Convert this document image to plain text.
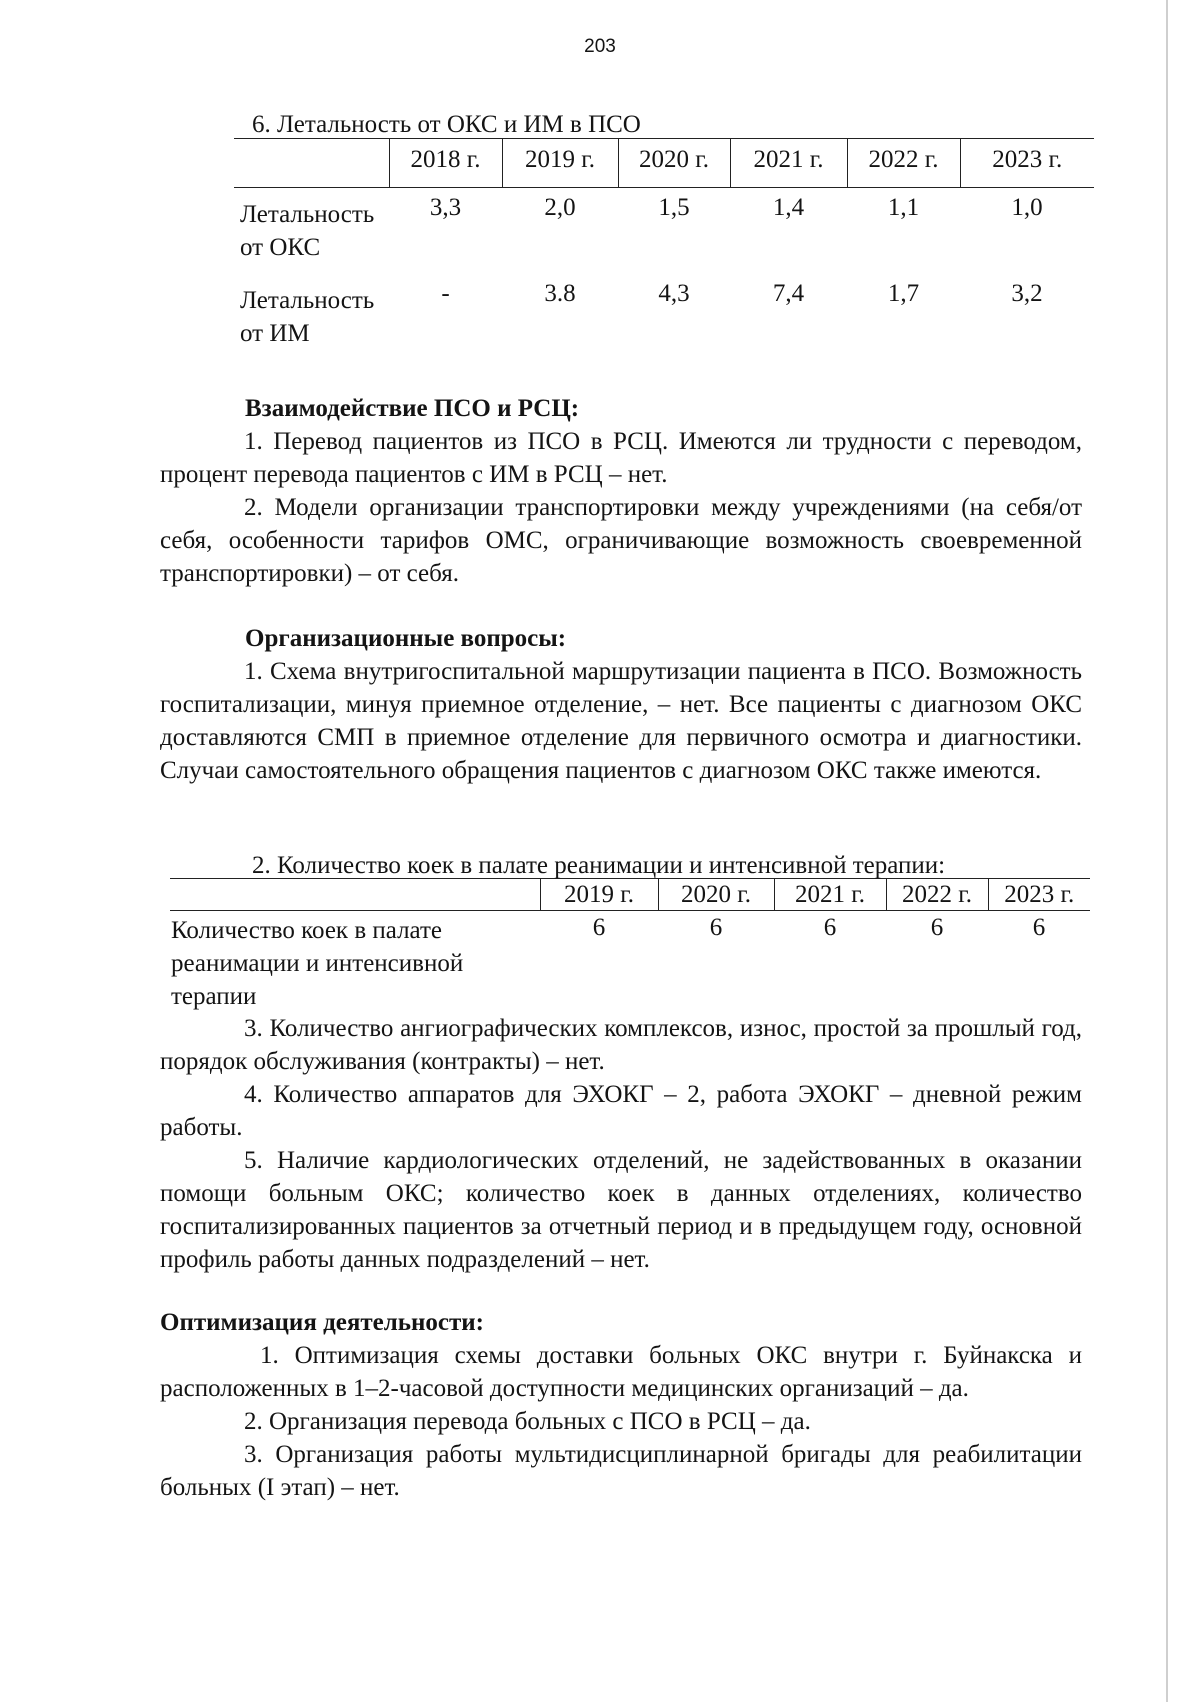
203
6. Летальность от ОКС и ИМ в ПСО
	2018 г.	2019 г.	2020 г.	2021 г.	2022 г.	2023 г.
Летальность от ОКС	3,3	2,0	1,5	1,4	1,1	1,0
Летальность от ИМ	-	3.8	4,3	7,4	1,7	3,2

Взаимодействие ПСО и РСЦ:

1. Перевод пациентов из ПСО в РСЦ. Имеются ли трудности с переводом, процент перевода пациентов с ИМ в РСЦ – нет.

2. Модели организации транспортировки между учреждениями (на себя/от себя, особенности тарифов ОМС, ограничивающие возможность своевременной транспортировки) – от себя.

Организационные вопросы:

1. Схема внутригоспитальной маршрутизации пациента в ПСО. Возможность госпитализации, минуя приемное отделение, – нет. Все пациенты с диагнозом ОКС доставляются СМП в приемное отделение для первичного осмотра и диагностики. Случаи самостоятельного обращения пациентов с диагнозом ОКС также имеются.

2. Количество коек в палате реанимации и интенсивной терапии:
	2019 г.	2020 г.	2021 г.	2022 г.	2023 г.
Количество коек в палате реанимации и интенсивной терапии	6	6	6	6	6

3. Количество ангиографических комплексов, износ, простой за прошлый год, порядок обслуживания (контракты) – нет.

4. Количество аппаратов для ЭХОКГ – 2, работа ЭХОКГ – дневной режим работы.

5. Наличие кардиологических отделений, не задействованных в оказании помощи больным ОКС; количество коек в данных отделениях, количество госпитализированных пациентов за отчетный период и в предыдущем году, основной профиль работы данных подразделений – нет.

Оптимизация деятельности:

1. Оптимизация схемы доставки больных ОКС внутри г. Буйнакска и расположенных в 1–2-часовой доступности медицинских организаций – да.

2. Организация перевода больных с ПСО в РСЦ – да.

3. Организация работы мультидисциплинарной бригады для реабилитации больных (I этап) – нет.
